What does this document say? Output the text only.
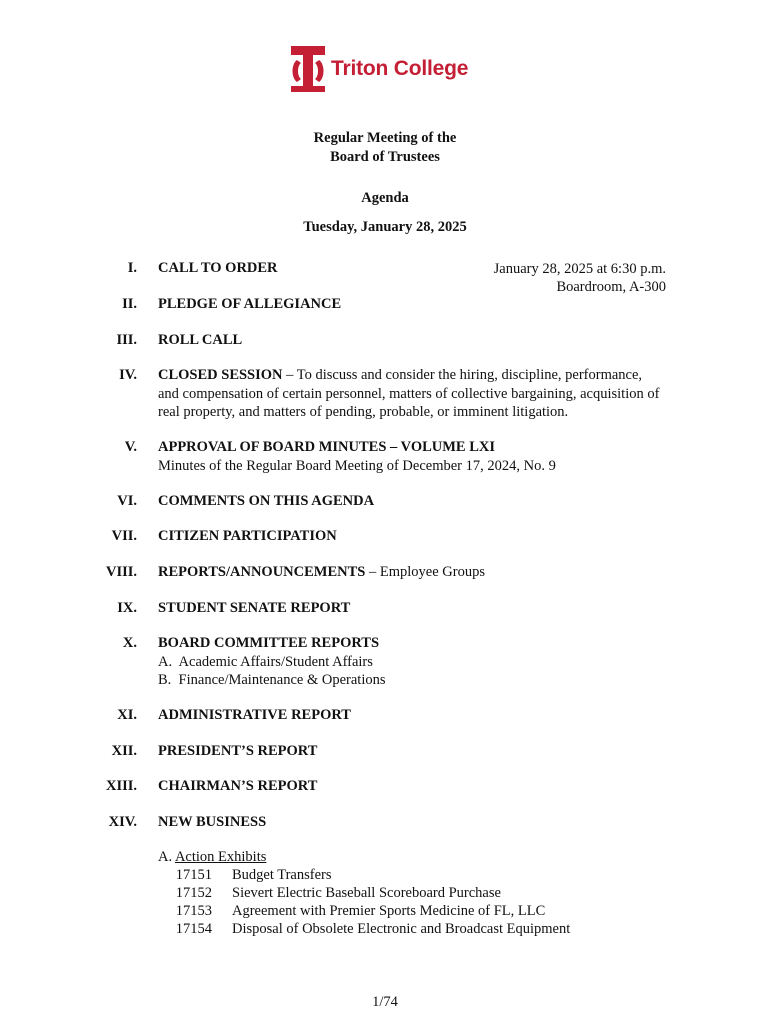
Triton College
Regular Meeting of the
Board of Trustees
Agenda
Tuesday, January 28, 2025
January 28, 2025 at 6:30 p.m.
Boardroom, A-300
I. CALL TO ORDER
II. PLEDGE OF ALLEGIANCE
III. ROLL CALL
IV. CLOSED SESSION – To discuss and consider the hiring, discipline, performance,
and compensation of certain personnel, matters of collective bargaining, acquisition of real property, and matters of pending, probable, or imminent litigation.
V. APPROVAL OF BOARD MINUTES – VOLUME LXI
Minutes of the Regular Board Meeting of December 17, 2024, No. 9
VI. COMMENTS ON THIS AGENDA
VII. CITIZEN PARTICIPATION
VIII. REPORTS/ANNOUNCEMENTS – Employee Groups
IX. STUDENT SENATE REPORT
X. BOARD COMMITTEE REPORTS
A.  Academic Affairs/Student Affairs
B.  Finance/Maintenance & Operations
XI. ADMINISTRATIVE REPORT
XII. PRESIDENT’S REPORT
XIII. CHAIRMAN’S REPORT
XIV. NEW BUSINESS
A. Action Exhibits
17151	Budget Transfers
17152	Sievert Electric Baseball Scoreboard Purchase
17153	Agreement with Premier Sports Medicine of FL, LLC
17154	Disposal of Obsolete Electronic and Broadcast Equipment
1/74
